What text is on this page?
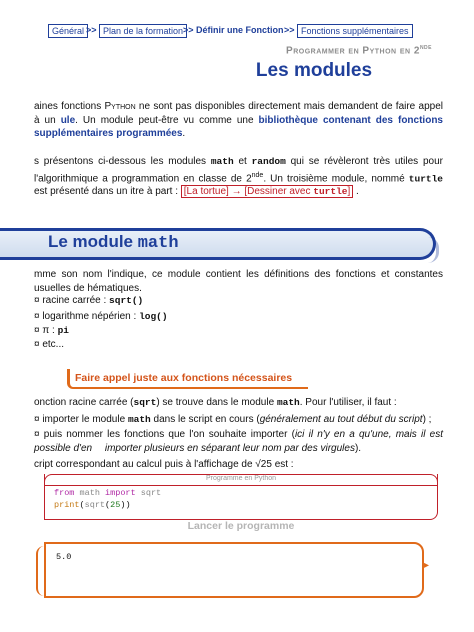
Général >> Plan de la formation >> Définir une Fonction >> Fonctions supplémentaires
Programmer en Python en 2nde
Les modules
aines fonctions Python ne sont pas disponibles directement mais demandent de faire appel à un ule. Un module peut-être vu comme une bibliothèque contenant des fonctions supplémentaires programmées.
s présentons ci-dessous les modules math et random qui se révèleront très utiles pour l'algorithmique a programmation en classe de 2nde. Un troisième module, nommé turtle est présenté dans un itre à part : [La tortue] → [Dessiner avec turtle] .
Le module math
mme son nom l'indique, ce module contient les définitions des fonctions et constantes usuelles de hématiques.
¤ racine carrée : sqrt()
¤ logarithme népérien : log()
¤ π : pi
¤ etc...
Faire appel juste aux fonctions nécessaires
onction racine carrée (sqrt) se trouve dans le module math. Pour l'utiliser, il faut :
¤ importer le module math dans le script en cours (généralement au tout début du script) ;
¤ puis nommer les fonctions que l'on souhaite importer (ici il n'y en a qu'une, mais il est possible d'en importer plusieurs en séparant leur nom par des virgules).
cript correspondant au calcul puis à l'affichage de √25 est :
Programme en Python
from math import sqrt
print(sqrt(25))
Lancer le programme
5.0
▸
